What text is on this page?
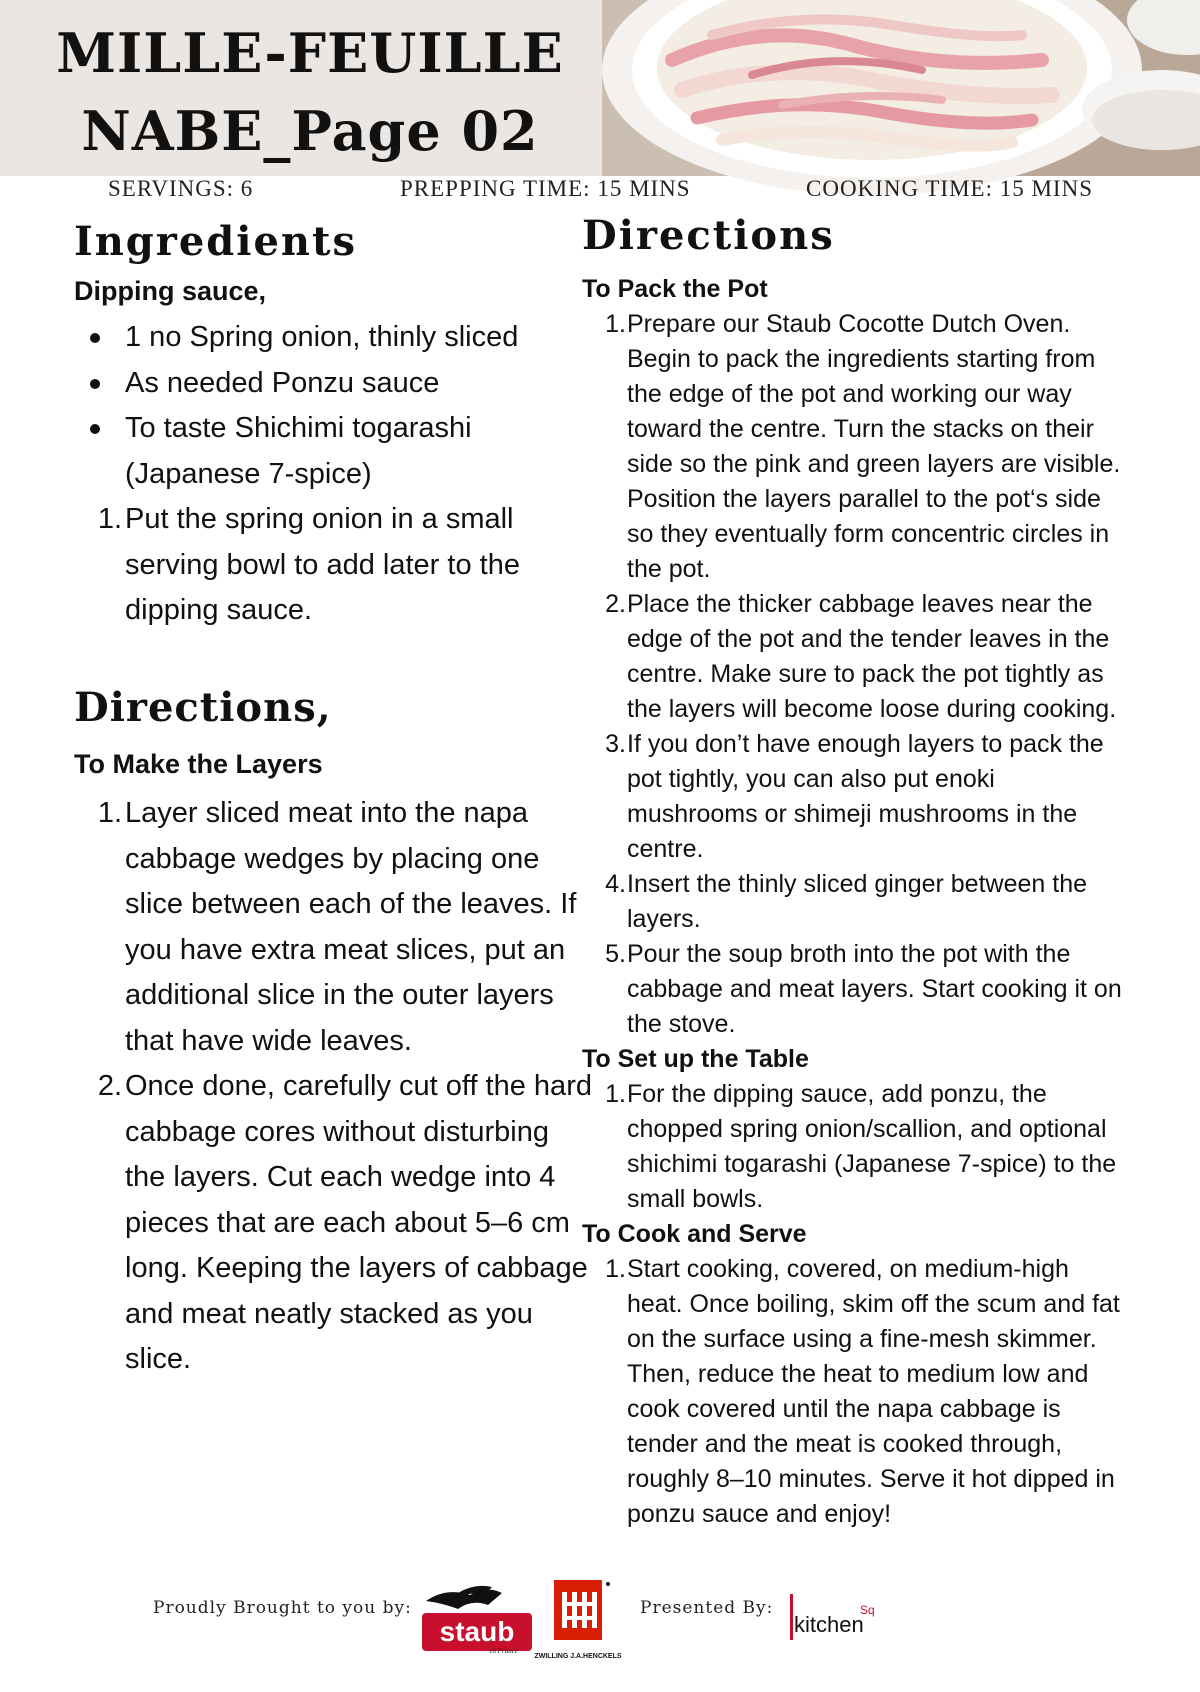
MILLE-FEUILLE
NABE_Page 02
SERVINGS: 6	PREPPING TIME: 15 MINS	COOKING TIME: 15 MINS
Ingredients
Dipping sauce,
1 no Spring onion, thinly sliced
As needed Ponzu sauce
To taste Shichimi togarashi (Japanese 7-spice)
1. Put the spring onion in a small serving bowl to add later to the dipping sauce.
Directions,
To Make the Layers
1. Layer sliced meat into the napa cabbage wedges by placing one slice between each of the leaves. If you have extra meat slices, put an additional slice in the outer layers that have wide leaves.
2. Once done, carefully cut off the hard cabbage cores without disturbing the layers. Cut each wedge into 4 pieces that are each about 5–6 cm long. Keeping the layers of cabbage and meat neatly stacked as you slice.
Directions
To Pack the Pot
1. Prepare our Staub Cocotte Dutch Oven. Begin to pack the ingredients starting from the edge of the pot and working our way toward the centre. Turn the stacks on their side so the pink and green layers are visible. Position the layers parallel to the pot‘s side so they eventually form concentric circles in the pot.
2. Place the thicker cabbage leaves near the edge of the pot and the tender leaves in the centre. Make sure to pack the pot tightly as the layers will become loose during cooking.
3. If you don’t have enough layers to pack the pot tightly, you can also put enoki mushrooms or shimeji mushrooms in the centre.
4. Insert the thinly sliced ginger between the layers.
5. Pour the soup broth into the pot with the cabbage and meat layers. Start cooking it on the stove.
To Set up the Table
1. For the dipping sauce, add ponzu, the chopped spring onion/scallion, and optional shichimi togarashi (Japanese 7-spice) to the small bowls.
To Cook and Serve
1. Start cooking, covered, on medium-high heat. Once boiling, skim off the scum and fat on the surface using a fine-mesh skimmer. Then, reduce the heat to medium low and cook covered until the napa cabbage is tender and the meat is cooked through, roughly 8–10 minutes. Serve it hot dipped in ponzu sauce and enjoy!
Proudly Brought to you by:
staub
en France
ZWILLING J.A.HENCKELS
Presented By:
kitchen
Sq
